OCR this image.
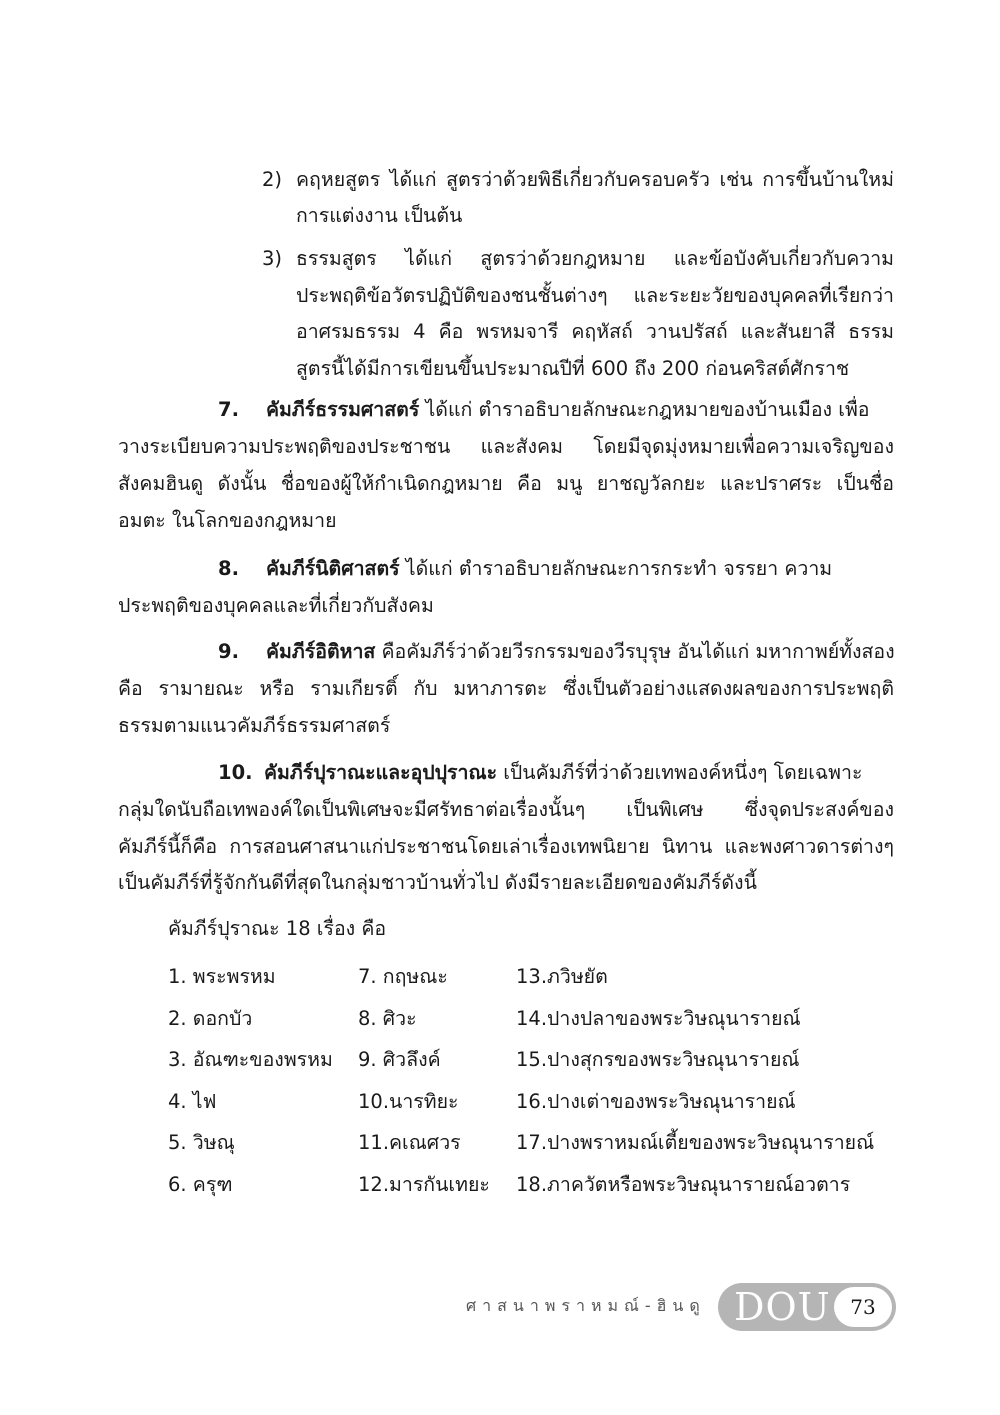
2) คฤหยสูตร ได้แก่ สูตรว่าด้วยพิธีเกี่ยวกับครอบครัว เช่น การขึ้นบ้านใหม่
การแต่งงาน เป็นต้น
3) ธรรมสูตร ได้แก่ สูตรว่าด้วยกฎหมาย และข้อบังคับเกี่ยวกับความ
ประพฤติข้อวัตรปฏิบัติของชนชั้นต่างๆ และระยะวัยของบุคคลที่เรียกว่า
อาศรมธรรม 4 คือ พรหมจารี คฤหัสถ์ วานปรัสถ์ และสันยาสี ธรรม
สูตรนี้ได้มีการเขียนขึ้นประมาณปีที่ 600 ถึง 200 ก่อนคริสต์ศักราช
7. คัมภีร์ธรรมศาสตร์ ได้แก่ ตำราอธิบายลักษณะกฎหมายของบ้านเมือง เพื่อ
วางระเบียบความประพฤติของประชาชน และสังคม โดยมีจุดมุ่งหมายเพื่อความเจริญของ
สังคมฮินดู ดังนั้น ชื่อของผู้ให้กำเนิดกฎหมาย คือ มนู ยาชญวัลกยะ และปราศระ เป็นชื่อ
อมตะ ในโลกของกฎหมาย
8. คัมภีร์นิติศาสตร์ ได้แก่ ตำราอธิบายลักษณะการกระทำ จรรยา ความ
ประพฤติของบุคคลและที่เกี่ยวกับสังคม
9. คัมภีร์อิติหาส คือคัมภีร์ว่าด้วยวีรกรรมของวีรบุรุษ อันได้แก่ มหากาพย์ทั้งสอง
คือ รามายณะ หรือ รามเกียรติ์ กับ มหาภารตะ ซึ่งเป็นตัวอย่างแสดงผลของการประพฤติ
ธรรมตามแนวคัมภีร์ธรรมศาสตร์
10. คัมภีร์ปุราณะและอุปปุราณะ เป็นคัมภีร์ที่ว่าด้วยเทพองค์หนึ่งๆ โดยเฉพาะ
กลุ่มใดนับถือเทพองค์ใดเป็นพิเศษจะมีศรัทธาต่อเรื่องนั้นๆ เป็นพิเศษ ซึ่งจุดประสงค์ของ
คัมภีร์นี้ก็คือ การสอนศาสนาแก่ประชาชนโดยเล่าเรื่องเทพนิยาย นิทาน และพงศาวดารต่างๆ
เป็นคัมภีร์ที่รู้จักกันดีที่สุดในกลุ่มชาวบ้านทั่วไป ดังมีรายละเอียดของคัมภีร์ดังนี้
คัมภีร์ปุราณะ 18 เรื่อง คือ
1. พระพรหม	7. กฤษณะ	13.ภวิษยัต
2. ดอกบัว	8. ศิวะ	14.ปางปลาของพระวิษณุนารายณ์
3. อัณฑะของพรหม 9. ศิวลึงค์	15.ปางสุกรของพระวิษณุนารายณ์
4. ไฟ	10.นารทิยะ	16.ปางเต่าของพระวิษณุนารายณ์
5. วิษณุ	11.คเณศวร	17.ปางพราหมณ์เตี้ยของพระวิษณุนารายณ์
6. ครุฑ	12.มารกันเทยะ 18.ภาควัตหรือพระวิษณุนารายณ์อวตาร
ศาสนาพราหมณ์-ฮินดู DOU 73
